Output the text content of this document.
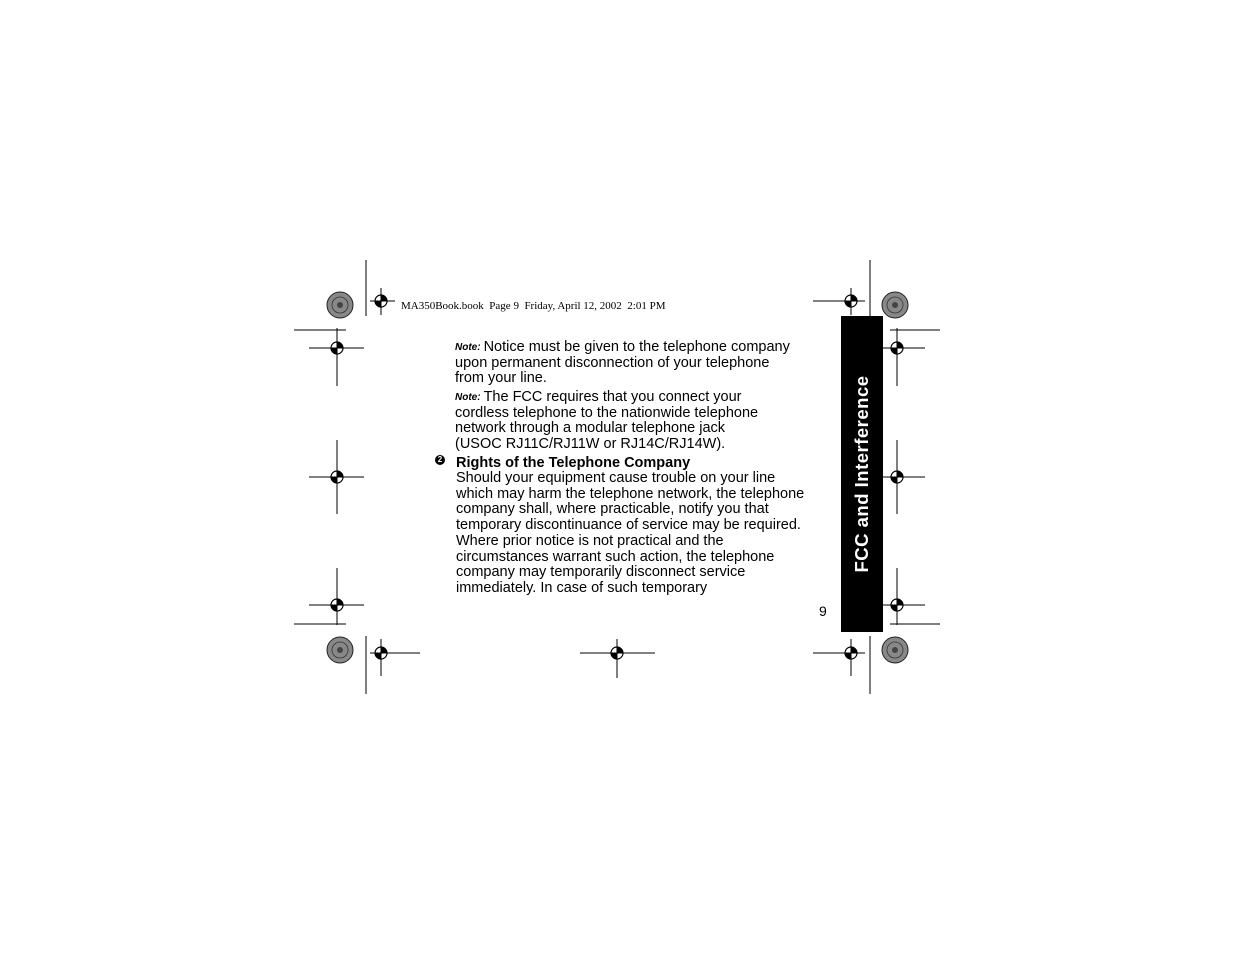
MA350Book.book  Page 9  Friday, April 12, 2002  2:01 PM

Note: Notice must be given to the telephone company

upon permanent disconnection of your telephone

from your line.

Note: The FCC requires that you connect your

cordless telephone to the nationwide telephone

network through a modular telephone jack

(USOC RJ11C/RJ11W or RJ14C/RJ14W).

2 Rights of the Telephone Company
Should your equipment cause trouble on your line
which may harm the telephone network, the telephone
company shall, where practicable, notify you that
temporary discontinuance of service may be required.
Where prior notice is not practical and the
circumstances warrant such action, the telephone
company may temporarily disconnect service
immediately. In case of such temporary
9
FCC and Interference
